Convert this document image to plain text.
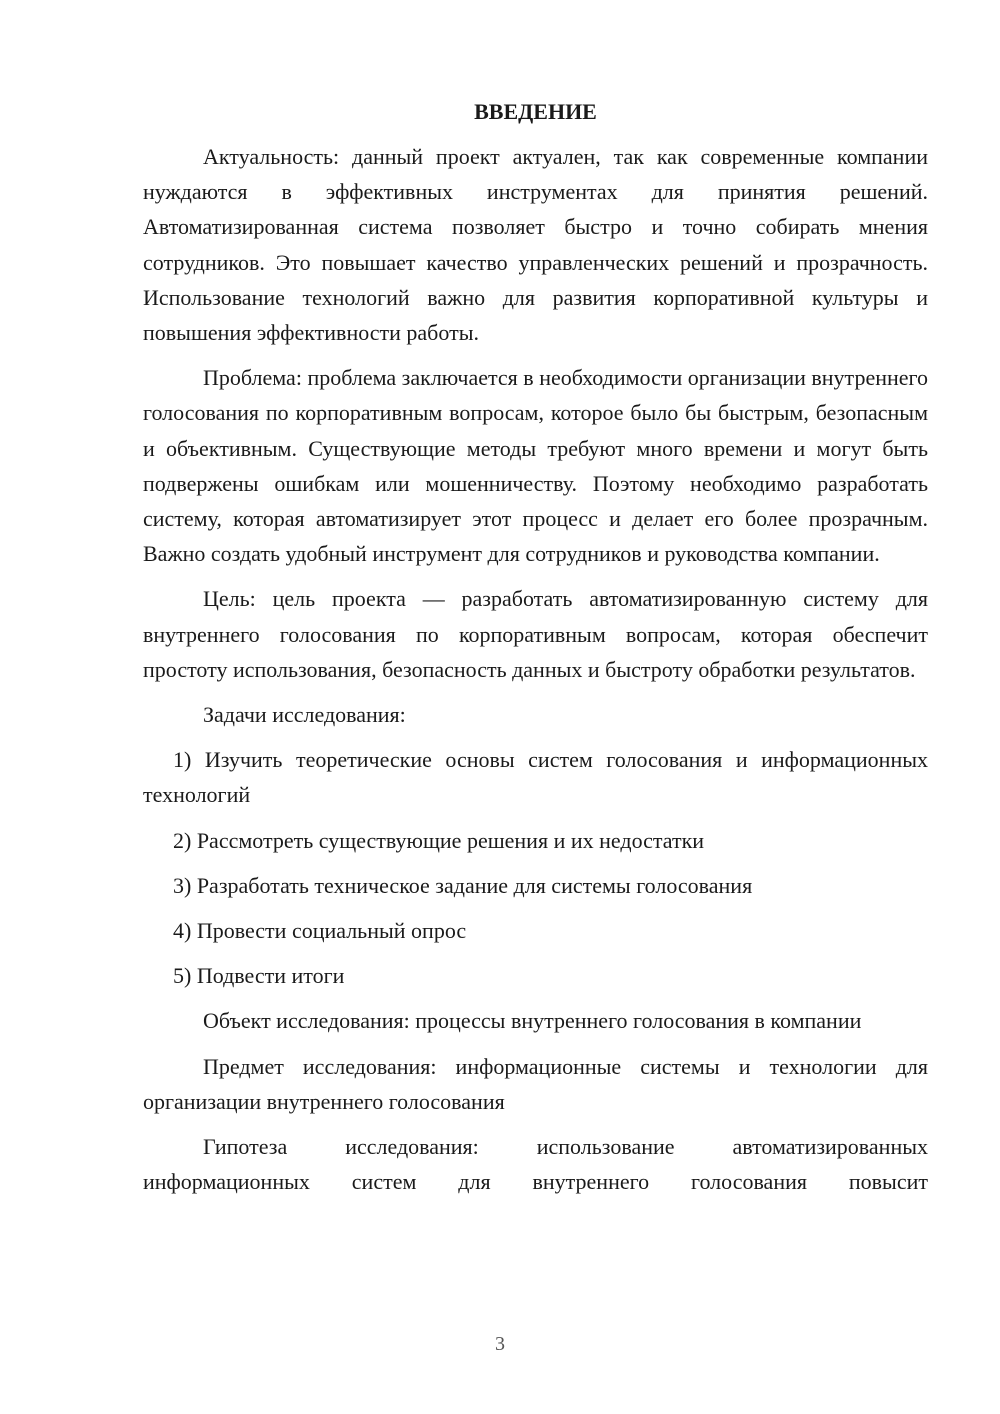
ВВЕДЕНИЕ
Актуальность: данный проект актуален, так как современные компании нуждаются в эффективных инструментах для принятия решений. Автоматизированная система позволяет быстро и точно собирать мнения сотрудников. Это повышает качество управленческих решений и прозрачность. Использование технологий важно для развития корпоративной культуры и повышения эффективности работы.
Проблема: проблема заключается в необходимости организации внутреннего голосования по корпоративным вопросам, которое было бы быстрым, безопасным и объективным. Существующие методы требуют много времени и могут быть подвержены ошибкам или мошенничеству. Поэтому необходимо разработать систему, которая автоматизирует этот процесс и делает его более прозрачным. Важно создать удобный инструмент для сотрудников и руководства компании.
Цель: цель проекта — разработать автоматизированную систему для внутреннего голосования по корпоративным вопросам, которая обеспечит простоту использования, безопасность данных и быстроту обработки результатов.
Задачи исследования:
1) Изучить теоретические основы систем голосования и информационных технологий
2) Рассмотреть существующие решения и их недостатки
3) Разработать техническое задание для системы голосования
4) Провести социальный опрос
5) Подвести итоги
Объект исследования: процессы внутреннего голосования в компании
Предмет исследования: информационные системы и технологии для организации внутреннего голосования
Гипотеза исследования: использование автоматизированных информационных систем для внутреннего голосования повысит
3
